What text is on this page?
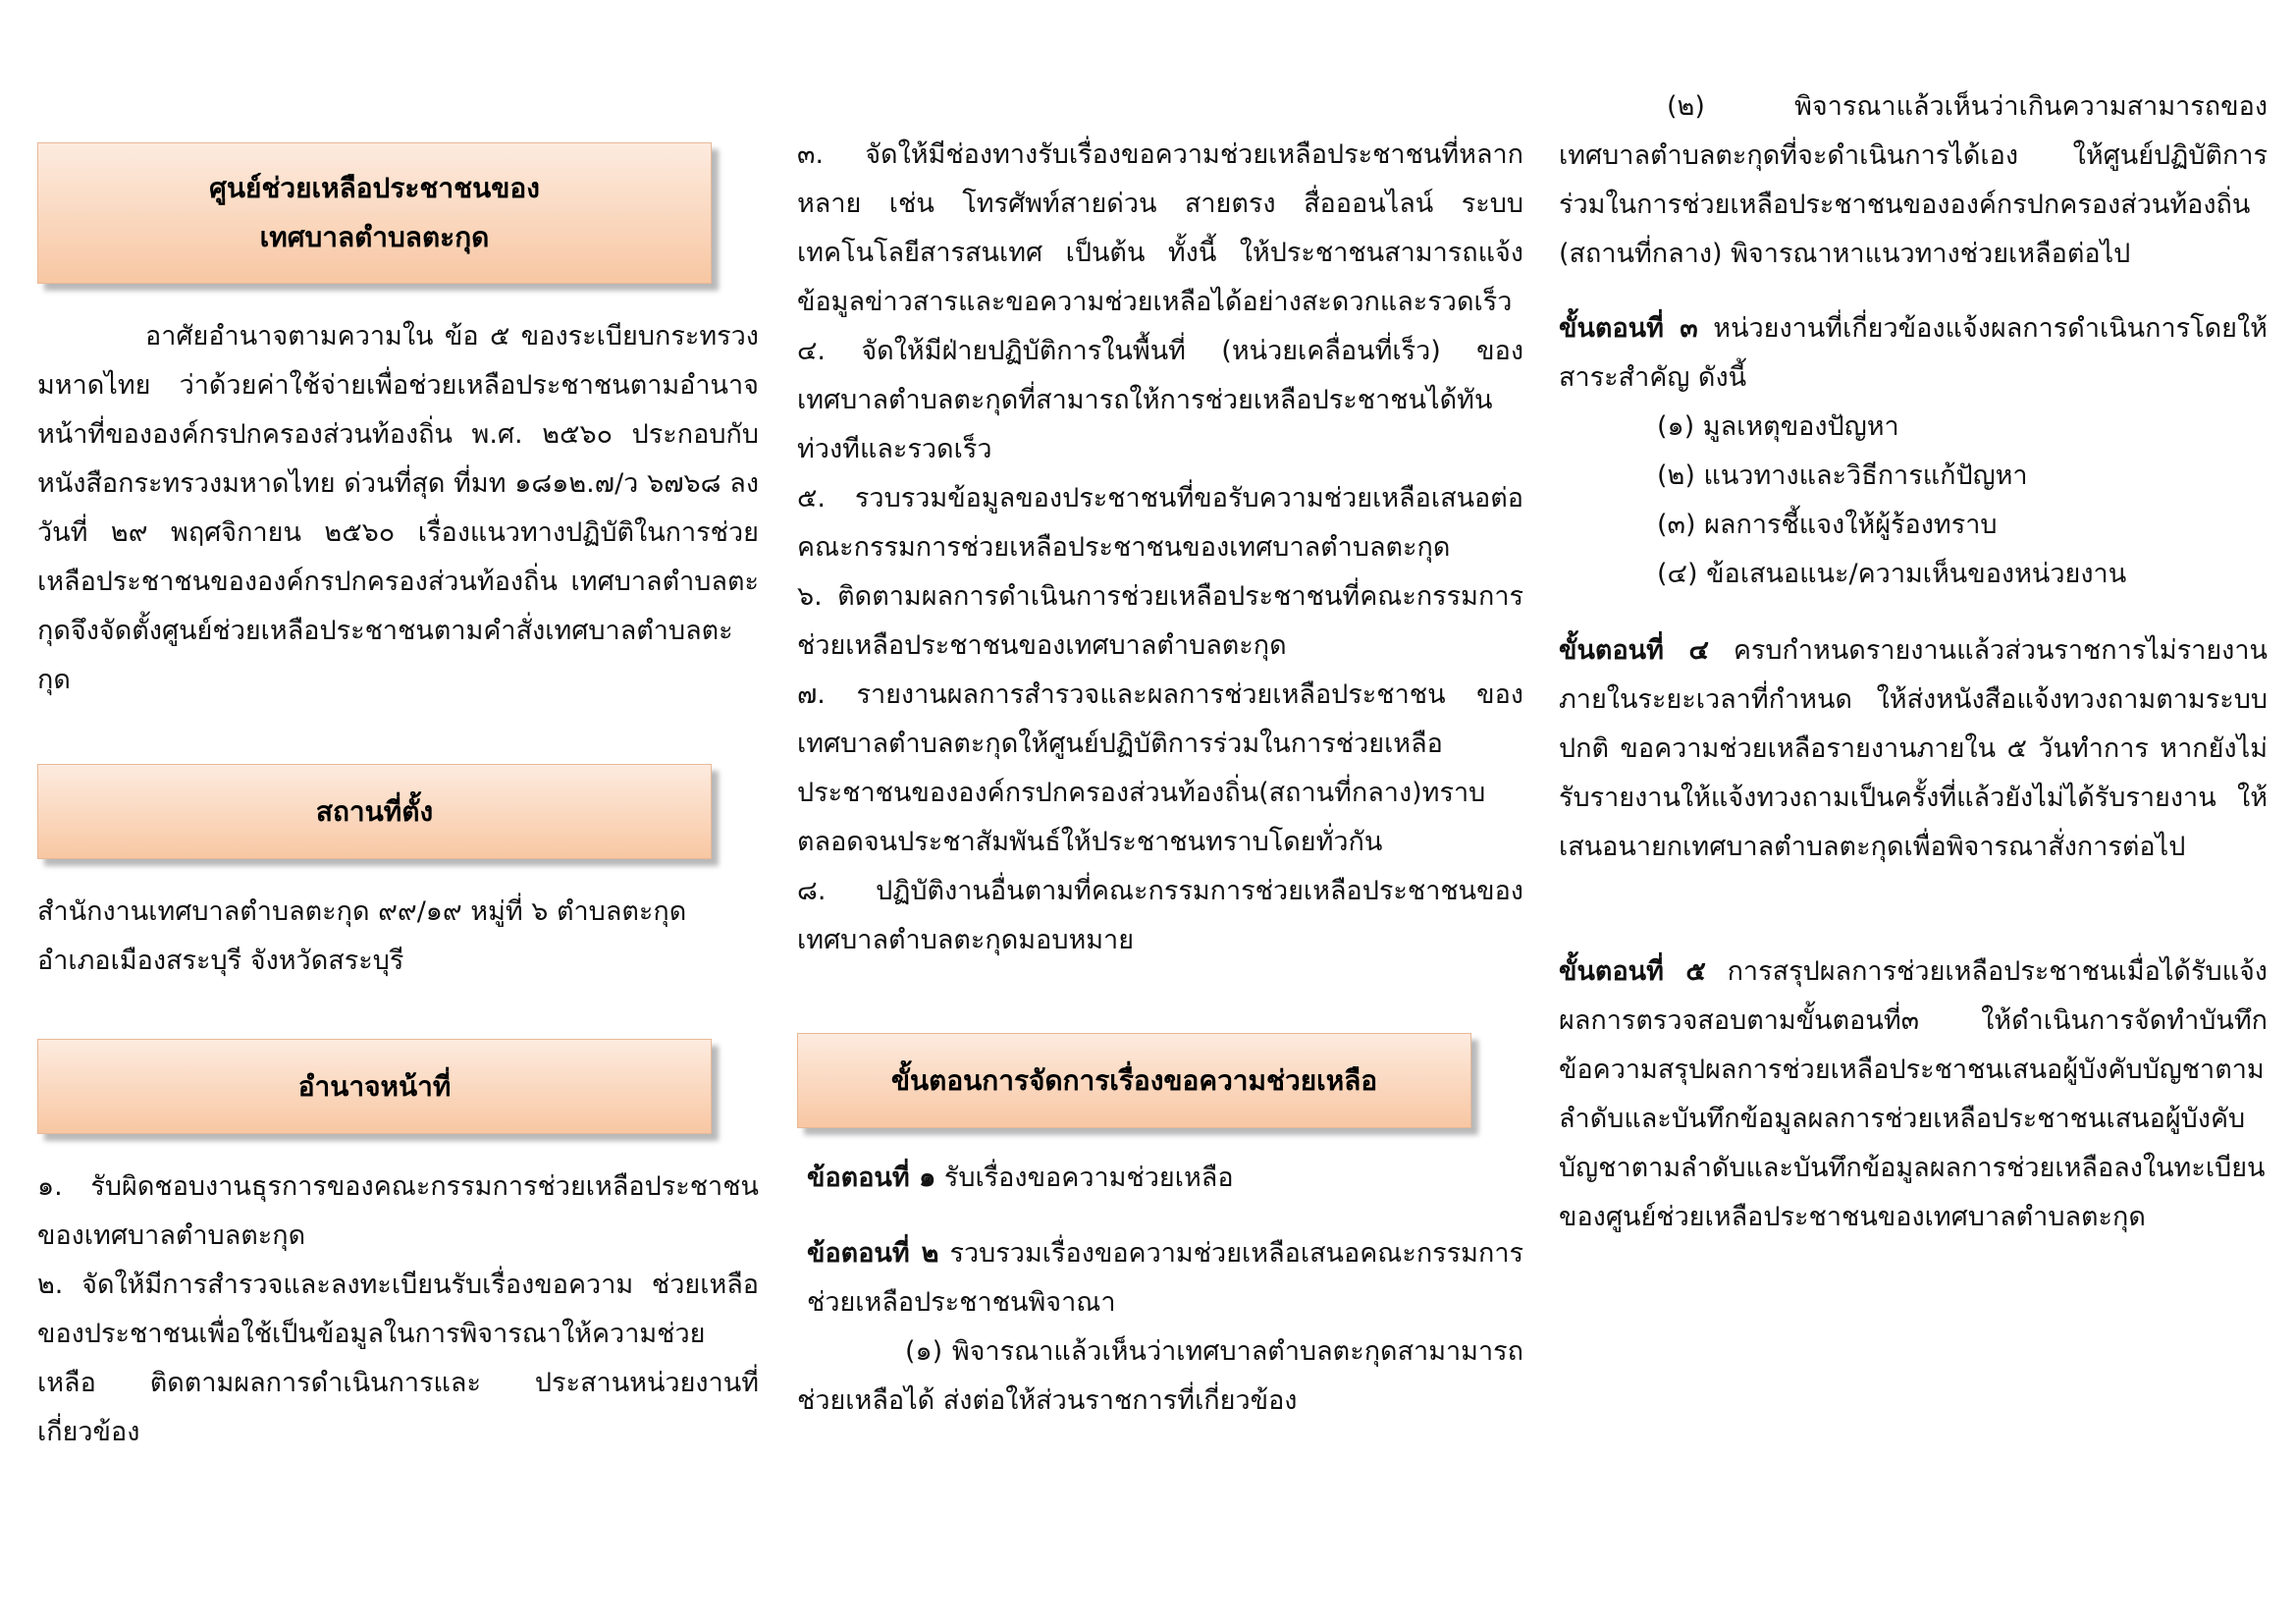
ศูนย์ช่วยเหลือประชาชนของ
เทศบาลตำบลตะกุด

อาศัยอำนาจตามความใน ข้อ ๕ ของระเบียบกระทรวงมหาดไทย ว่าด้วยค่าใช้จ่ายเพื่อช่วยเหลือประชาชนตามอำนาจหน้าที่ขององค์กรปกครองส่วนท้องถิ่น พ.ศ. ๒๕๖๐ ประกอบกับหนังสือกระทรวงมหาดไทย ด่วนที่สุด ที่มท ๑๘๑๒.๗/ว ๖๗๖๘ ลงวันที่ ๒๙ พฤศจิกายน ๒๕๖๐ เรื่องแนวทางปฏิบัติในการช่วยเหลือประชาชนขององค์กรปกครองส่วนท้องถิ่น เทศบาลตำบลตะกุดจึงจัดตั้งศูนย์ช่วยเหลือประชาชนตามคำสั่งเทศบาลตำบลตะกุด

สถานที่ตั้ง

สำนักงานเทศบาลตำบลตะกุด ๙๙/๑๙ หมู่ที่ ๖ ตำบลตะกุด

อำเภอเมืองสระบุรี จังหวัดสระบุรี

อำนาจหน้าที่

๑. รับผิดชอบงานธุรการของคณะกรรมการช่วยเหลือประชาชนของเทศบาลตำบลตะกุด

๒. จัดให้มีการสำรวจและลงทะเบียนรับเรื่องขอความ ช่วยเหลือของประชาชนเพื่อใช้เป็นข้อมูลในการพิจารณาให้ความช่วยเหลือ ติดตามผลการดำเนินการและ ประสานหน่วยงานที่เกี่ยวข้อง

๓. จัดให้มีช่องทางรับเรื่องขอความช่วยเหลือประชาชนที่หลากหลาย เช่น โทรศัพท์สายด่วน สายตรง สื่อออนไลน์ ระบบเทคโนโลยีสารสนเทศ เป็นต้น ทั้งนี้ ให้ประชาชนสามารถแจ้งข้อมูลข่าวสารและขอความช่วยเหลือได้อย่างสะดวกและรวดเร็ว

๔. จัดให้มีฝ่ายปฏิบัติการในพื้นที่ (หน่วยเคลื่อนที่เร็ว) ของเทศบาลตำบลตะกุดที่สามารถให้การช่วยเหลือประชาชนได้ทันท่วงทีและรวดเร็ว

๕. รวบรวมข้อมูลของประชาชนที่ขอรับความช่วยเหลือเสนอต่อคณะกรรมการช่วยเหลือประชาชนของเทศบาลตำบลตะกุด

๖. ติดตามผลการดำเนินการช่วยเหลือประชาชนที่คณะกรรมการช่วยเหลือประชาชนของเทศบาลตำบลตะกุด

๗. รายงานผลการสำรวจและผลการช่วยเหลือประชาชน ของเทศบาลตำบลตะกุดให้ศูนย์ปฏิบัติการร่วมในการช่วยเหลือประชาชนขององค์กรปกครองส่วนท้องถิ่น(สถานที่กลาง)ทราบตลอดจนประชาสัมพันธ์ให้ประชาชนทราบโดยทั่วกัน

๘. ปฏิบัติงานอื่นตามที่คณะกรรมการช่วยเหลือประชาชนของเทศบาลตำบลตะกุดมอบหมาย

ขั้นตอนการจัดการเรื่องขอความช่วยเหลือ

ข้อตอนที่ ๑ รับเรื่องขอความช่วยเหลือ

ข้อตอนที่ ๒ รวบรวมเรื่องขอความช่วยเหลือเสนอคณะกรรมการช่วยเหลือประชาชนพิจาณา

(๑) พิจารณาแล้วเห็นว่าเทศบาลตำบลตะกุดสามามารถช่วยเหลือได้ ส่งต่อให้ส่วนราชการที่เกี่ยวข้อง

(๒) พิจารณาแล้วเห็นว่าเกินความสามารถของเทศบาลตำบลตะกุดที่จะดำเนินการได้เอง ให้ศูนย์ปฏิบัติการร่วมในการช่วยเหลือประชาชนขององค์กรปกครองส่วนท้องถิ่น (สถานที่กลาง) พิจารณาหาแนวทางช่วยเหลือต่อไป

ขั้นตอนที่ ๓ หน่วยงานที่เกี่ยวข้องแจ้งผลการดำเนินการโดยให้สาระสำคัญ ดังนี้

(๑) มูลเหตุของปัญหา
(๒) แนวทางและวิธีการแก้ปัญหา
(๓) ผลการชี้แจงให้ผู้ร้องทราบ
(๔) ข้อเสนอแนะ/ความเห็นของหน่วยงาน

ขั้นตอนที่ ๔ ครบกำหนดรายงานแล้วส่วนราชการไม่รายงานภายในระยะเวลาที่กำหนด ให้ส่งหนังสือแจ้งทวงถามตามระบบปกติ ขอความช่วยเหลือรายงานภายใน ๕ วันทำการ หากยังไม่รับรายงานให้แจ้งทวงถามเป็นครั้งที่แล้วยังไม่ได้รับรายงาน ให้เสนอนายกเทศบาลตำบลตะกุดเพื่อพิจารณาสั่งการต่อไป

ขั้นตอนที่ ๕ การสรุปผลการช่วยเหลือประชาชนเมื่อได้รับแจ้งผลการตรวจสอบตามขั้นตอนที่๓ ให้ดำเนินการจัดทำบันทึกข้อความสรุปผลการช่วยเหลือประชาชนเสนอผู้บังคับบัญชาตามลำดับและบันทึกข้อมูลผลการช่วยเหลือประชาชนเสนอผู้บังคับบัญชาตามลำดับและบันทึกข้อมูลผลการช่วยเหลือลงในทะเบียนของศูนย์ช่วยเหลือประชาชนของเทศบาลตำบลตะกุด
